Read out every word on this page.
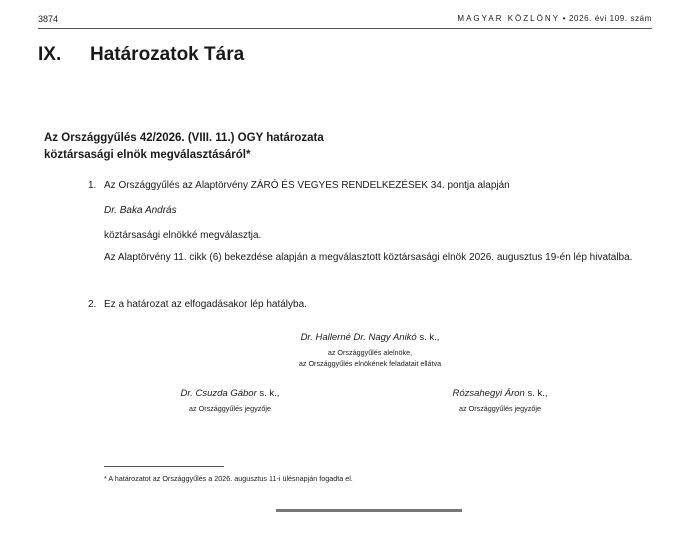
3874	MAGYAR KÖZLÖNY • 2026. évi 109. szám
IX. Határozatok Tára
Az Országgyűlés 42/2026. (VIII. 11.) OGY határozata
köztársasági elnök megválasztásáról*
1. Az Országgyűlés az Alaptörvény ZÁRÓ ÉS VEGYES RENDELKEZÉSEK 34. pontja alapján
Dr. Baka András
köztársasági elnökké megválasztja.
Az Alaptörvény 11. cikk (6) bekezdése alapján a megválasztott köztársasági elnök 2026. augusztus 19-én lép hivatalba.
2. Ez a határozat az elfogadásakor lép hatályba.
Dr. Hallerné Dr. Nagy Anikó s. k.,
az Országgyűlés alelnöke,
az Országgyűlés elnökének feladatait ellátva
Dr. Csuzda Gábor s. k.,
az Országgyűlés jegyzője
Rózsahegyi Áron s. k.,
az Országgyűlés jegyzője
* A határozatot az Országgyűlés a 2026. augusztus 11-i ülésnapján fogadta el.
